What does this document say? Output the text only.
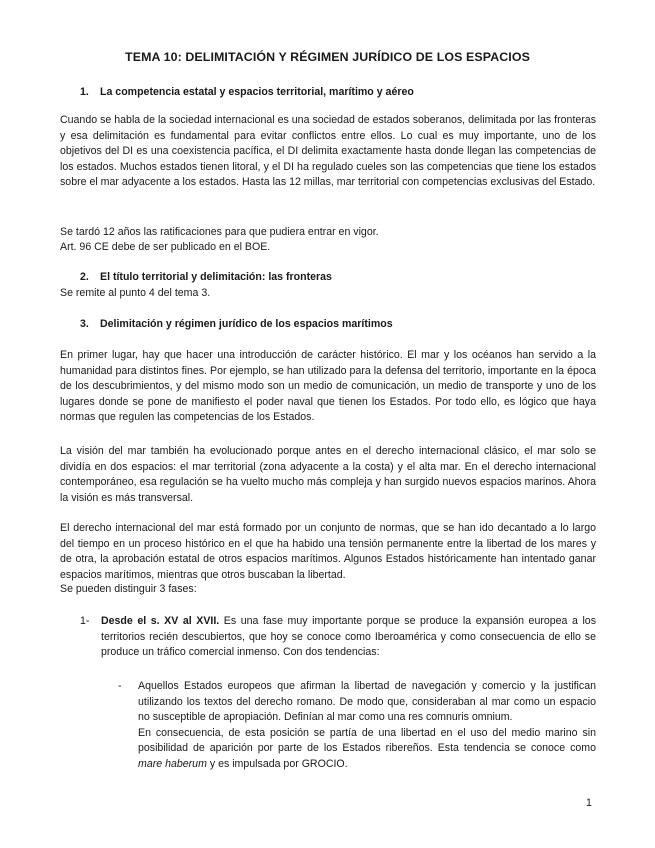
TEMA 10: DELIMITACIÓN Y RÉGIMEN JURÍDICO DE LOS ESPACIOS
1. La competencia estatal y espacios territorial, marítimo y aéreo

Cuando se habla de la sociedad internacional es una sociedad de estados soberanos, delimitada por las fronteras y esa delimitación es fundamental para evitar conflictos entre ellos. Lo cual es muy importante, uno de los objetivos del DI es una coexistencia pacífica, el DI delimita exactamente hasta donde llegan las competencias de los estados. Muchos estados tienen litoral, y el DI ha regulado cueles son las competencias que tiene los estados sobre el mar adyacente a los estados. Hasta las 12 millas, mar territorial con competencias exclusivas del Estado.

Se tardó 12 años las ratificaciones para que pudiera entrar en vigor.
Art. 96 CE debe de ser publicado en el BOE.
2. El título territorial y delimitación: las fronteras
Se remite al punto 4 del tema 3.
3. Delimitación y régimen jurídico de los espacios marítimos

En primer lugar, hay que hacer una introducción de carácter histórico. El mar y los océanos han servido a la humanidad para distintos fines. Por ejemplo, se han utilizado para la defensa del territorio, importante en la época de los descubrimientos, y del mismo modo son un medio de comunicación, un medio de transporte y uno de los lugares donde se pone de manifiesto el poder naval que tienen los Estados. Por todo ello, es lógico que haya normas que regulen las competencias de los Estados.

La visión del mar también ha evolucionado porque antes en el derecho internacional clásico, el mar solo se dividía en dos espacios: el mar territorial (zona adyacente a la costa) y el alta mar. En el derecho internacional contemporáneo, esa regulación se ha vuelto mucho más compleja y han surgido nuevos espacios marinos. Ahora la visión es más transversal.

El derecho internacional del mar está formado por un conjunto de normas, que se han ido decantado a lo largo del tiempo en un proceso histórico en el que ha habido una tensión permanente entre la libertad de los mares y de otra, la aprobación estatal de otros espacios marítimos. Algunos Estados históricamente han intentado ganar espacios marítimos, mientras que otros buscaban la libertad.

Se pueden distinguir 3 fases:
1- Desde el s. XV al XVII. Es una fase muy importante porque se produce la expansión europea a los territorios recién descubiertos, que hoy se conoce como Iberoamérica y como consecuencia de ello se produce un tráfico comercial inmenso. Con dos tendencias:
- Aquellos Estados europeos que afirman la libertad de navegación y comercio y la justifican utilizando los textos del derecho romano. De modo que, consideraban al mar como un espacio no susceptible de apropiación. Definían al mar como una res comnuris omnium.

En consecuencia, de esta posición se partía de una libertad en el uso del medio marino sin posibilidad de aparición por parte de los Estados ribereños. Esta tendencia se conoce como mare haberum y es impulsada por GROCIO.

1
